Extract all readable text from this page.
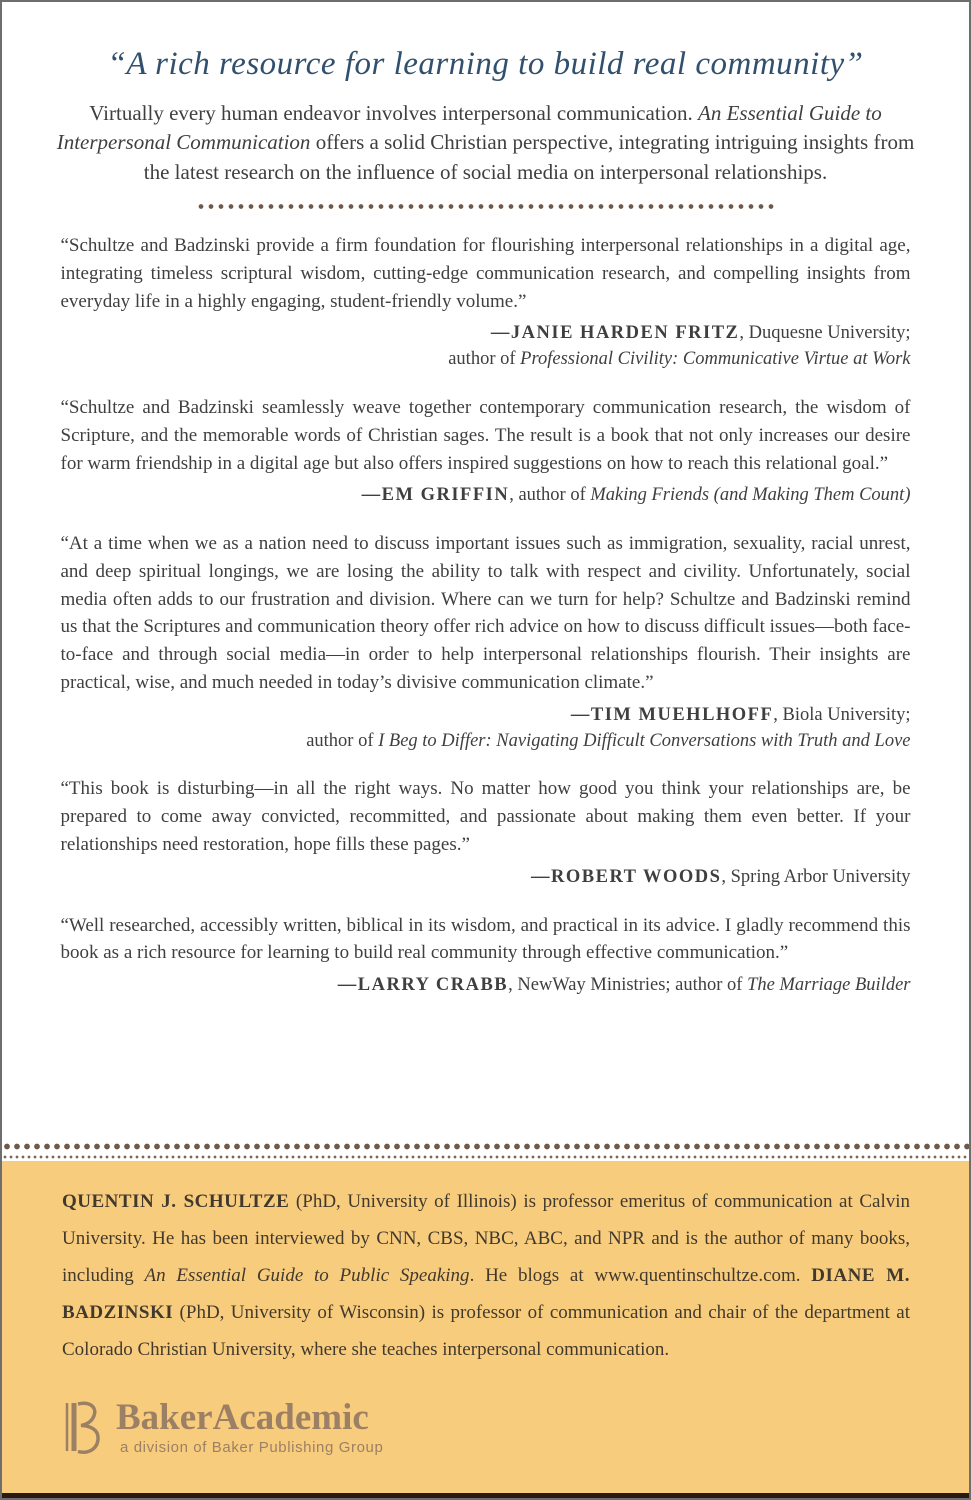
“A rich resource for learning to build real community”

Virtually every human endeavor involves interpersonal communication. An Essential Guide to Interpersonal Communication offers a solid Christian perspective, integrating intriguing insights from the latest research on the influence of social media on interpersonal relationships.

“Schultze and Badzinski provide a firm foundation for flourishing interpersonal relationships in a digital age, integrating timeless scriptural wisdom, cutting-edge communication research, and compelling insights from everyday life in a highly engaging, student-friendly volume.”

—JANIE HARDEN FRITZ, Duquesne University;
author of Professional Civility: Communicative Virtue at Work

“Schultze and Badzinski seamlessly weave together contemporary communication research, the wisdom of Scripture, and the memorable words of Christian sages. The result is a book that not only increases our desire for warm friendship in a digital age but also offers inspired suggestions on how to reach this relational goal.”

—EM GRIFFIN, author of Making Friends (and Making Them Count)

“At a time when we as a nation need to discuss important issues such as immigration, sexuality, racial unrest, and deep spiritual longings, we are losing the ability to talk with respect and civility. Unfortunately, social media often adds to our frustration and division. Where can we turn for help? Schultze and Badzinski remind us that the Scriptures and communication theory offer rich advice on how to discuss difficult issues—both face-to-face and through social media—in order to help interpersonal relationships flourish. Their insights are practical, wise, and much needed in today’s divisive communication climate.”

—TIM MUEHLHOFF, Biola University;
author of I Beg to Differ: Navigating Difficult Conversations with Truth and Love

“This book is disturbing—in all the right ways. No matter how good you think your relationships are, be prepared to come away convicted, recommitted, and passionate about making them even better. If your relationships need restoration, hope fills these pages.”

—ROBERT WOODS, Spring Arbor University

“Well researched, accessibly written, biblical in its wisdom, and practical in its advice. I gladly recommend this book as a rich resource for learning to build real community through effective communication.”

—LARRY CRABB, NewWay Ministries; author of The Marriage Builder

QUENTIN J. SCHULTZE (PhD, University of Illinois) is professor emeritus of communication at Calvin University. He has been interviewed by CNN, CBS, NBC, ABC, and NPR and is the author of many books, including An Essential Guide to Public Speaking. He blogs at www.quentinschultze.com. DIANE M. BADZINSKI (PhD, University of Wisconsin) is professor of communication and chair of the department at Colorado Christian University, where she teaches interpersonal communication.

BakerAcademic
a division of Baker Publishing Group
